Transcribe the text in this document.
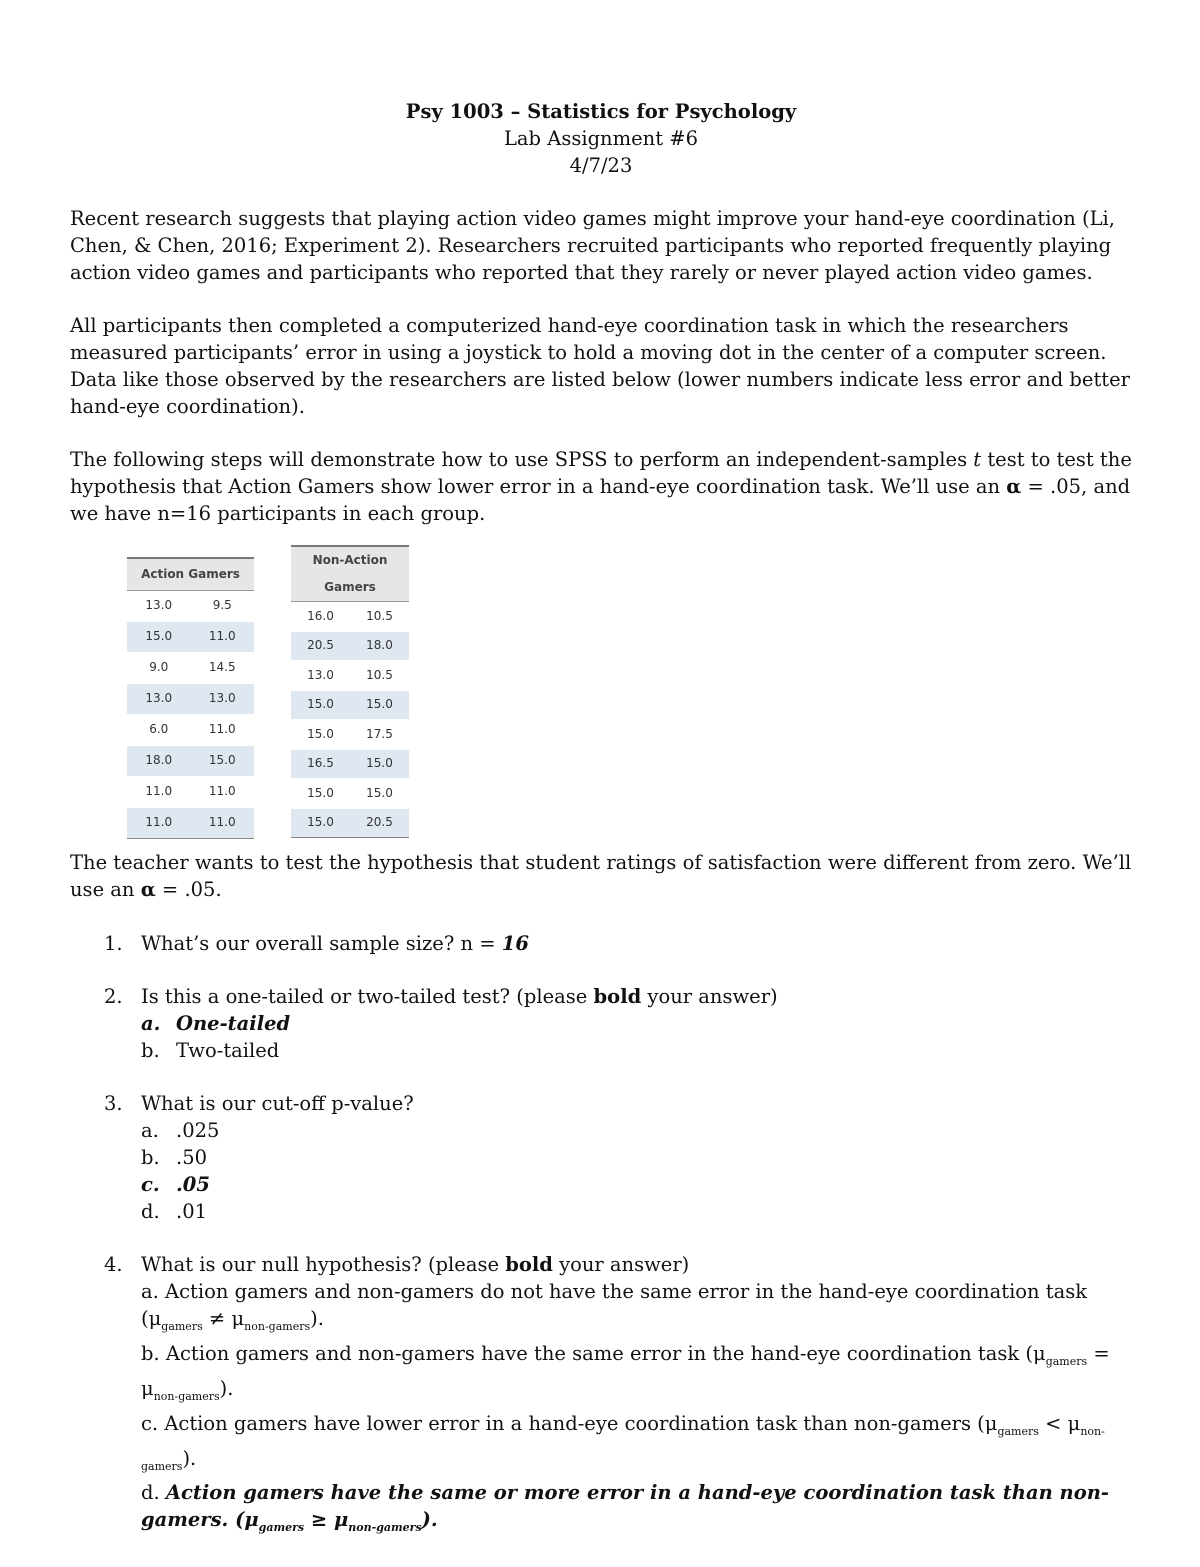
Psy 1003 – Statistics for Psychology
Lab Assignment #6
4/7/23

Recent research suggests that playing action video games might improve your hand-eye coordination (Li, Chen, & Chen, 2016; Experiment 2). Researchers recruited participants who reported frequently playing action video games and participants who reported that they rarely or never played action video games.

All participants then completed a computerized hand-eye coordination task in which the researchers measured participants’ error in using a joystick to hold a moving dot in the center of a computer screen. Data like those observed by the researchers are listed below (lower numbers indicate less error and better hand-eye coordination).

The following steps will demonstrate how to use SPSS to perform an independent-samples t test to test the hypothesis that Action Gamers show lower error in a hand-eye coordination task. We’ll use an α = .05, and we have n=16 participants in each group.

Action Gamers	
13.0	9.5
15.0	11.0
9.0	14.5
13.0	13.0
6.0	11.0
18.0	15.0
11.0	11.0
11.0	11.0
Non-Action
Gamers	
16.0	10.5
20.5	18.0
13.0	10.5
15.0	15.0
15.0	17.5
16.5	15.0
15.0	15.0
15.0	20.5

The teacher wants to test the hypothesis that student ratings of satisfaction were different from zero. We’ll use an α = .05.

1. What’s our overall sample size? n = 16
2. Is this a one-tailed or two-tailed test? (please bold your answer)
a. One-tailed
b. Two-tailed
3. What is our cut-off p-value?
a. .025
b. .50
c. .05
d. .01
4. What is our null hypothesis? (please bold your answer)
a. Action gamers and non-gamers do not have the same error in the hand-eye coordination task $(\mu_{gamers} \ne \mu_{non-gamers})$.
b. Action gamers and non-gamers have the same error in the hand-eye coordination task $(\mu_{gamers} = \mu_{non-gamers})$.
c. Action gamers have lower error in a hand-eye coordination task than non-gamers $(\mu_{gamers} < \mu_{non-gamers})$.
d. Action gamers have the same or more error in a hand-eye coordination task than non-gamers. $(\mu_{gamers} \ge \mu_{non-gamers})$.
